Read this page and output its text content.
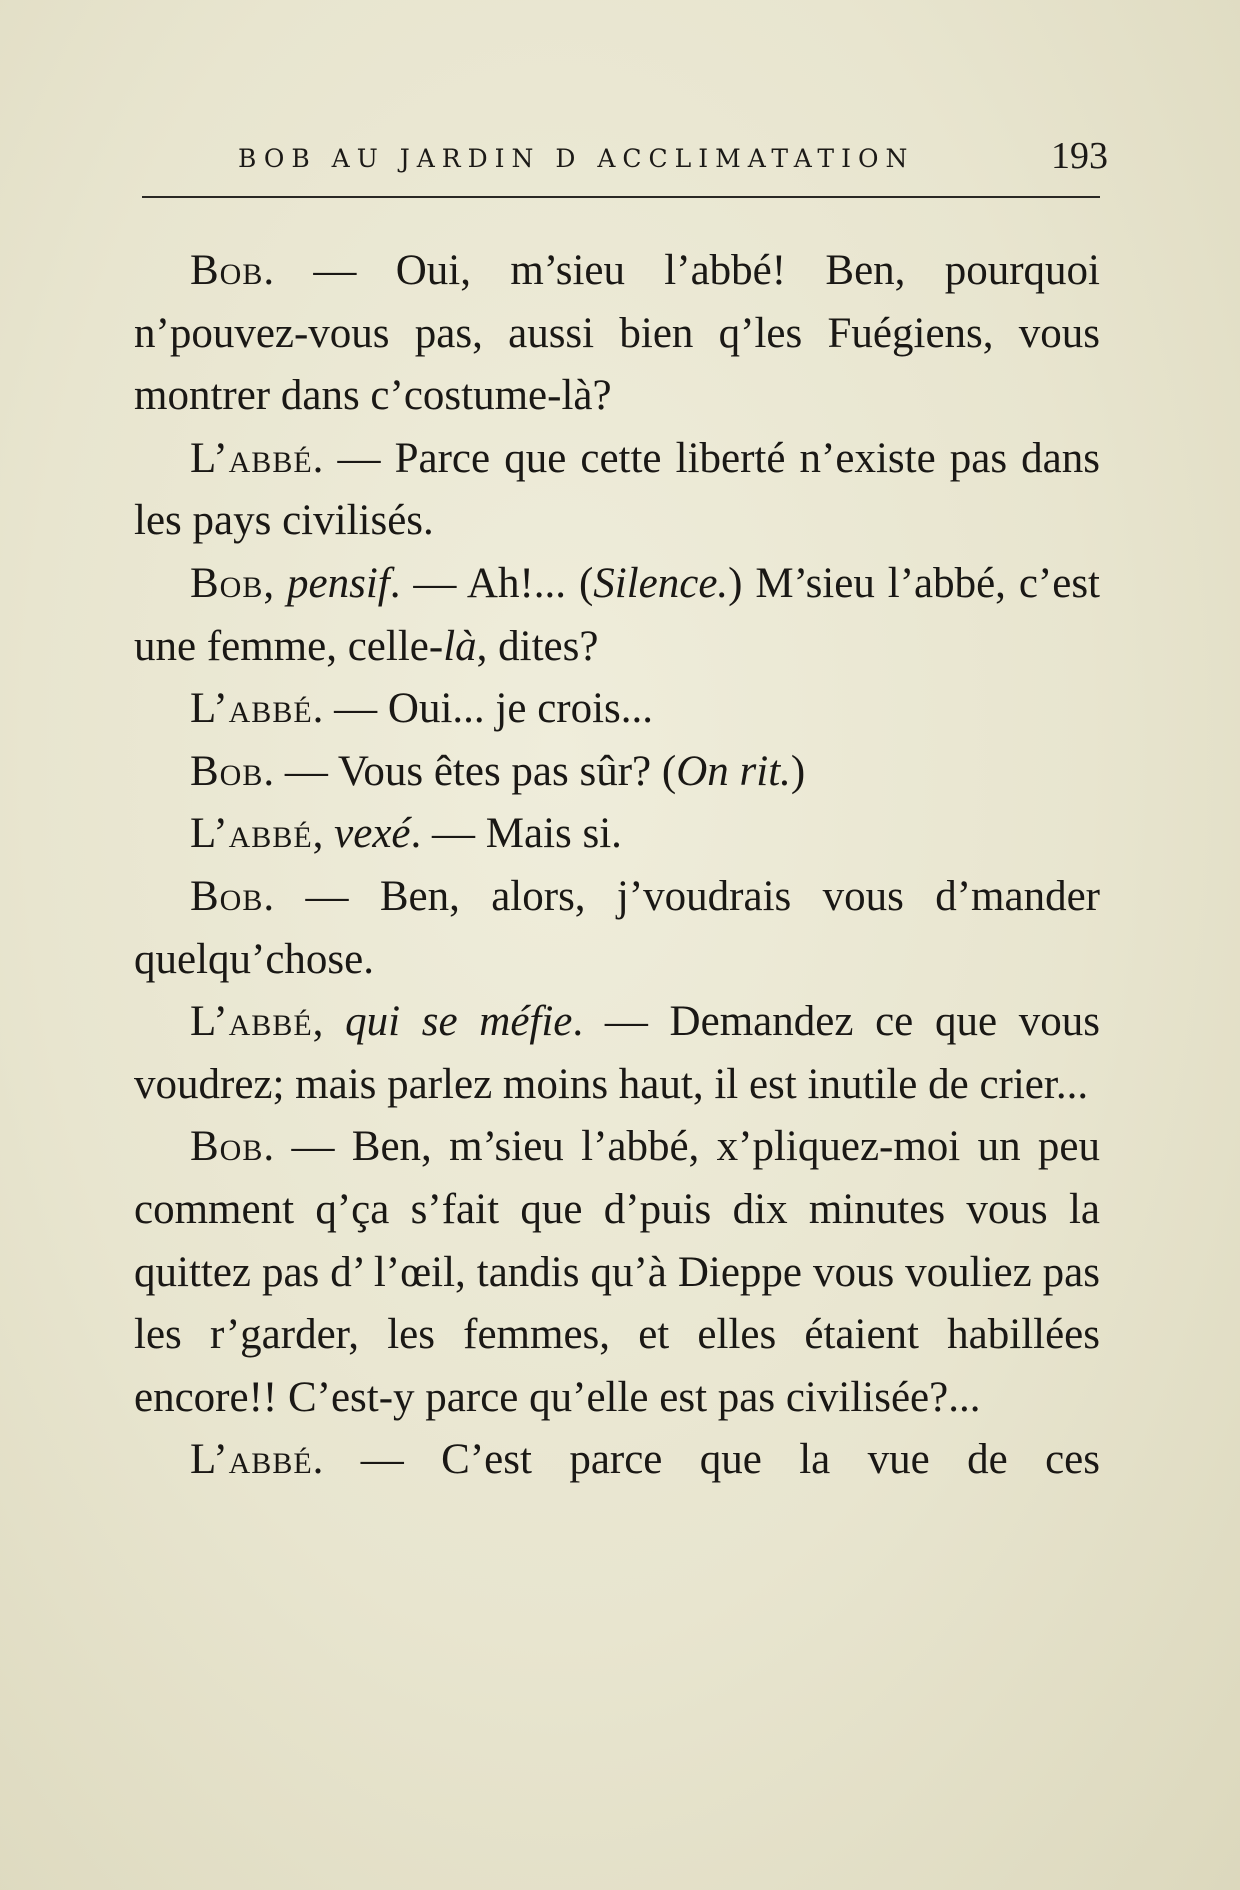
BOB AU JARDIN D ACCLIMATATION	193

Bob. — Oui, m’sieu l’abbé! Ben, pourquoi n’pouvez-vous pas, aussi bien q’les Fuégiens, vous montrer dans c’costume-là?

L’abbé. — Parce que cette liberté n’existe pas dans les pays civilisés.

Bob, pensif. — Ah!... (Silence.) M’sieu l’abbé, c’est une femme, celle-là, dites?

L’abbé. — Oui... je crois...

Bob. — Vous êtes pas sûr? (On rit.)

L’abbé, vexé. — Mais si.

Bob. — Ben, alors, j’voudrais vous d’mander quelqu’chose.

L’abbé, qui se méfie. — Demandez ce que vous voudrez; mais parlez moins haut, il est inutile de crier...

Bob. — Ben, m’sieu l’abbé, x’pliquez-moi un peu comment q’ça s’fait que d’puis dix minutes vous la quittez pas d’ l’œil, tandis qu’à Dieppe vous vouliez pas les r’garder, les femmes, et elles étaient habillées encore!! C’est-y parce qu’elle est pas civilisée?...

L’abbé. — C’est parce que la vue de ces
